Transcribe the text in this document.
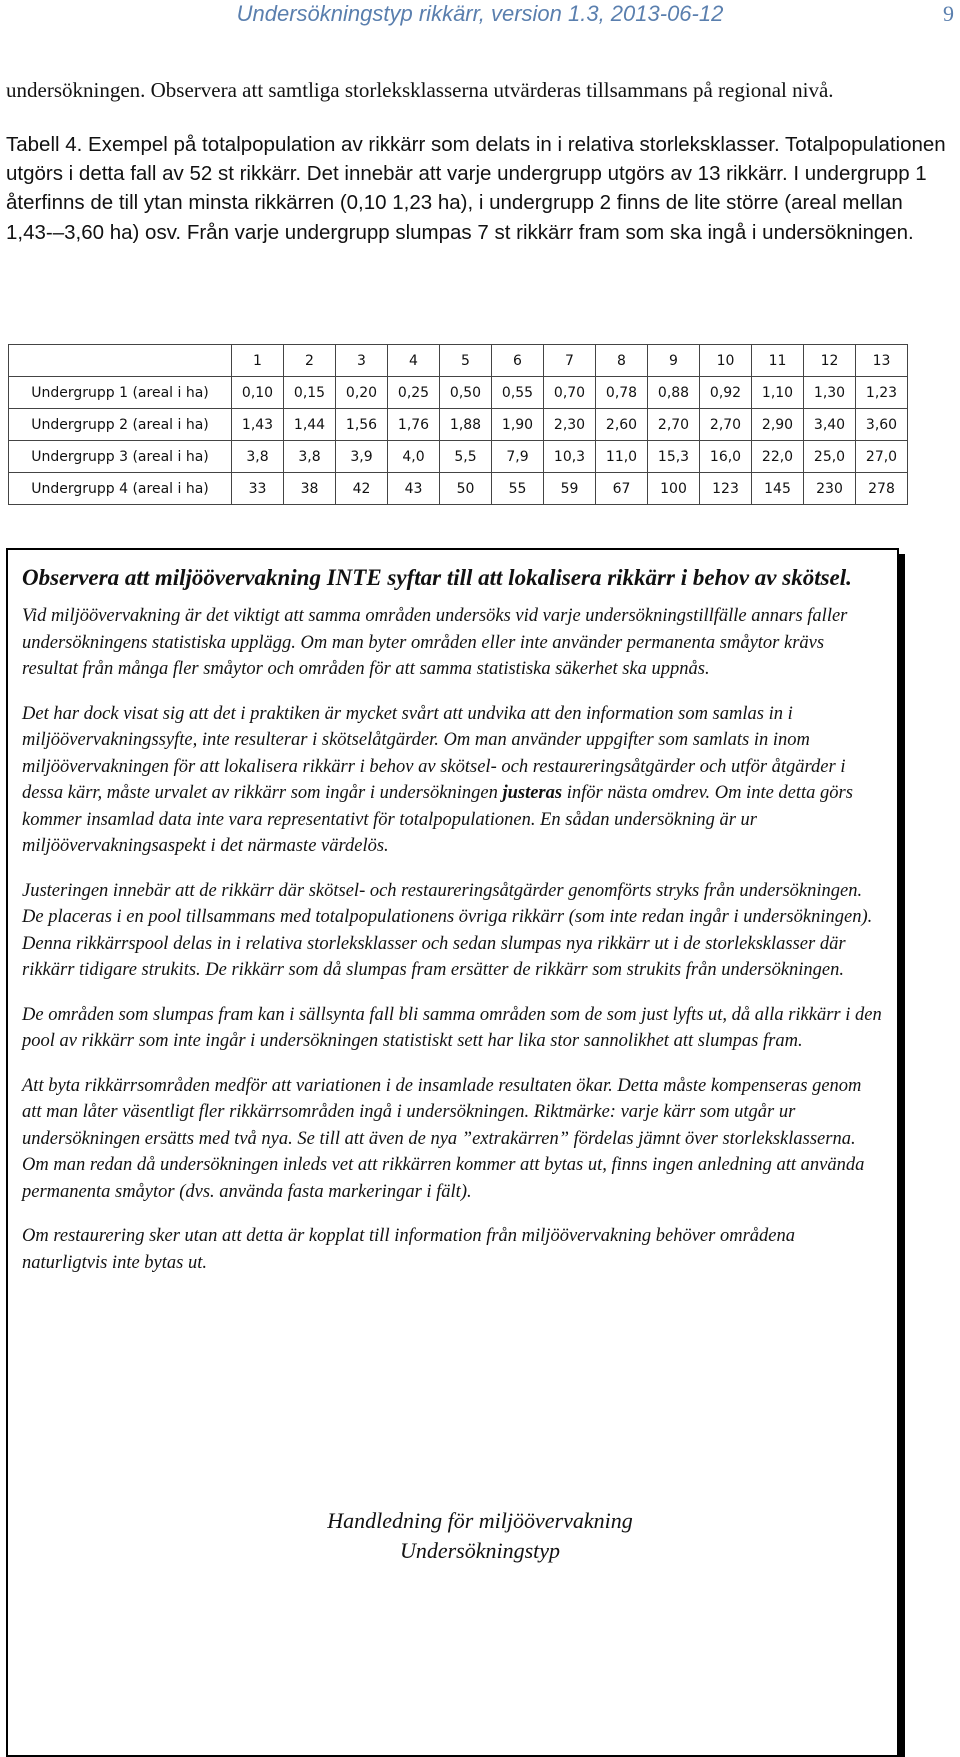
Undersökningstyp rikkärr, version 1.3, 2013-06-12	9

undersökningen. Observera att samtliga storleksklasserna utvärderas tillsammans på regional nivå.

Tabell 4. Exempel på totalpopulation av rikkärr som delats in i relativa storleksklasser. Totalpopulationen utgörs i detta fall av 52 st rikkärr. Det innebär att varje undergrupp utgörs av 13 rikkärr. I undergrupp 1 återfinns de till ytan minsta rikkärren (0,10 1,23 ha), i undergrupp 2 finns de lite större (areal mellan 1,43-–3,60 ha) osv. Från varje undergrupp slumpas 7 st rikkärr fram som ska ingå i undersökningen.

	1	2	3	4	5	6	7	8	9	10	11	12	13
Undergrupp 1 (areal i ha)	0,10	0,15	0,20	0,25	0,50	0,55	0,70	0,78	0,88	0,92	1,10	1,30	1,23
Undergrupp 2 (areal i ha)	1,43	1,44	1,56	1,76	1,88	1,90	2,30	2,60	2,70	2,70	2,90	3,40	3,60
Undergrupp 3 (areal i ha)	3,8	3,8	3,9	4,0	5,5	7,9	10,3	11,0	15,3	16,0	22,0	25,0	27,0
Undergrupp 4 (areal i ha)	33	38	42	43	50	55	59	67	100	123	145	230	278

Observera att miljöövervakning INTE syftar till att lokalisera rikkärr i behov av skötsel.

Vid miljöövervakning är det viktigt att samma områden undersöks vid varje undersökningstillfälle annars faller undersökningens statistiska upplägg. Om man byter områden eller inte använder permanenta småytor krävs resultat från många fler småytor och områden för att samma statistiska säkerhet ska uppnås.

Det har dock visat sig att det i praktiken är mycket svårt att undvika att den information som samlas in i miljöövervakningssyfte, inte resulterar i skötselåtgärder. Om man använder uppgifter som samlats in inom miljöövervakningen för att lokalisera rikkärr i behov av skötsel- och restaureringsåtgärder och utför åtgärder i dessa kärr, måste urvalet av rikkärr som ingår i undersökningen justeras inför nästa omdrev. Om inte detta görs kommer insamlad data inte vara representativt för totalpopulationen. En sådan undersökning är ur miljöövervakningsaspekt i det närmaste värdelös.

Justeringen innebär att de rikkärr där skötsel- och restaureringsåtgärder genomförts stryks från undersökningen. De placeras i en pool tillsammans med totalpopulationens övriga rikkärr (som inte redan ingår i undersökningen). Denna rikkärrspool delas in i relativa storleksklasser och sedan slumpas nya rikkärr ut i de storleksklasser där rikkärr tidigare strukits. De rikkärr som då slumpas fram ersätter de rikkärr som strukits från undersökningen.

De områden som slumpas fram kan i sällsynta fall bli samma områden som de som just lyfts ut, då alla rikkärr i den pool av rikkärr som inte ingår i undersökningen statistiskt sett har lika stor sannolikhet att slumpas fram.

Att byta rikkärrsområden medför att variationen i de insamlade resultaten ökar. Detta måste kompenseras genom att man låter väsentligt fler rikkärrsområden ingå i undersökningen. Riktmärke: varje kärr som utgår ur undersökningen ersätts med två nya. Se till att även de nya ”extrakärren” fördelas jämnt över storleksklasserna. Om man redan då undersökningen inleds vet att rikkärren kommer att bytas ut, finns ingen anledning att använda permanenta småytor (dvs. använda fasta markeringar i fält).

Om restaurering sker utan att detta är kopplat till information från miljöövervakning behöver områdena naturligtvis inte bytas ut.

Handledning för miljöövervakning
Undersökningstyp
